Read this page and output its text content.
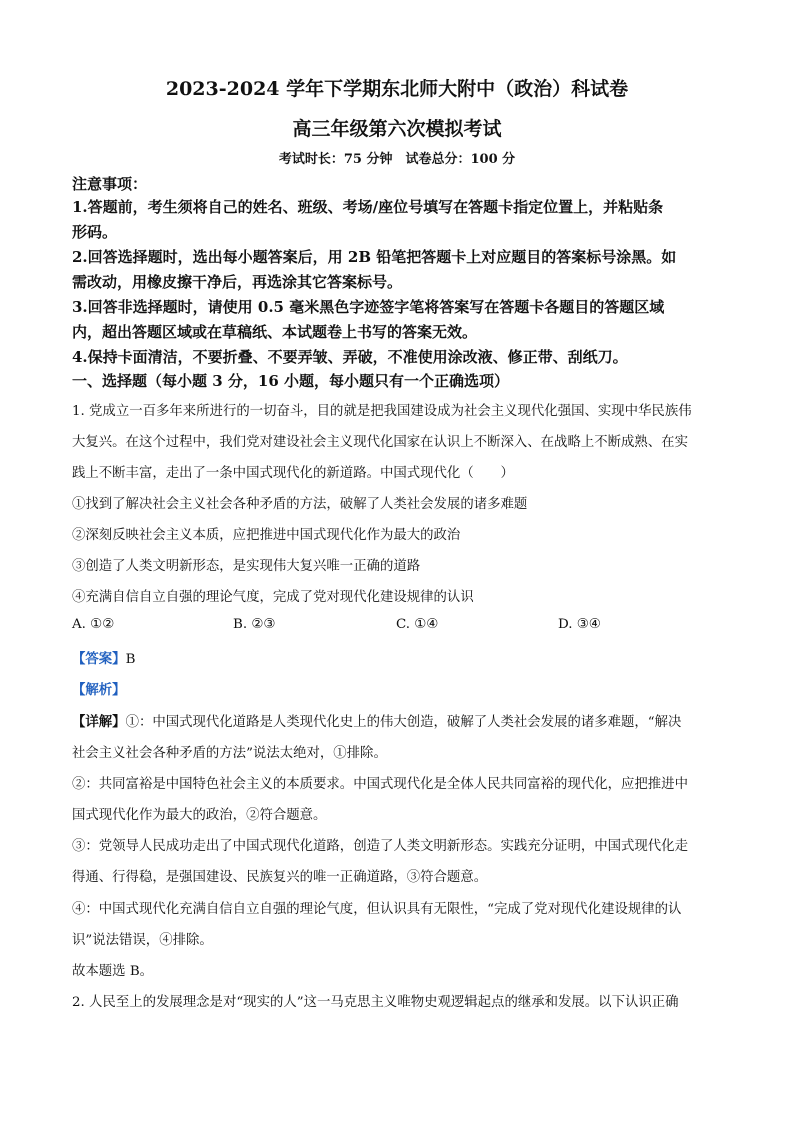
2023-2024 学年下学期东北师大附中（政治）科试卷
高三年级第六次模拟考试
考试时长：75 分钟　试卷总分：100 分
注意事项：
1.答题前，考生须将自己的姓名、班级、考场/座位号填写在答题卡指定位置上，并粘贴条
形码。
2.回答选择题时，选出每小题答案后，用 2B 铅笔把答题卡上对应题目的答案标号涂黑。如
需改动，用橡皮擦干净后，再选涂其它答案标号。
3.回答非选择题时，请使用 0.5 毫米黑色字迹签字笔将答案写在答题卡各题目的答题区域
内，超出答题区域或在草稿纸、本试题卷上书写的答案无效。
4.保持卡面清洁，不要折叠、不要弄皱、弄破，不准使用涂改液、修正带、刮纸刀。
一、选择题（每小题 3 分，16 小题，每小题只有一个正确选项）
1. 党成立一百多年来所进行的一切奋斗，目的就是把我国建设成为社会主义现代化强国、实现中华民族伟
大复兴。在这个过程中，我们党对建设社会主义现代化国家在认识上不断深入、在战略上不断成熟、在实
践上不断丰富，走出了一条中国式现代化的新道路。中国式现代化（　　）
①找到了解决社会主义社会各种矛盾的方法，破解了人类社会发展的诸多难题
②深刻反映社会主义本质，应把推进中国式现代化作为最大的政治
③创造了人类文明新形态，是实现伟大复兴唯一正确的道路
④充满自信自立自强的理论气度，完成了党对现代化建设规律的认识
A. ①②	B. ②③	C. ①④	D. ③④
【答案】B
【解析】
【详解】①：中国式现代化道路是人类现代化史上的伟大创造，破解了人类社会发展的诸多难题，“解决
社会主义社会各种矛盾的方法”说法太绝对，①排除。
②：共同富裕是中国特色社会主义的本质要求。中国式现代化是全体人民共同富裕的现代化，应把推进中
国式现代化作为最大的政治，②符合题意。
③：党领导人民成功走出了中国式现代化道路，创造了人类文明新形态。实践充分证明，中国式现代化走
得通、行得稳，是强国建设、民族复兴的唯一正确道路，③符合题意。
④：中国式现代化充满自信自立自强的理论气度，但认识具有无限性，“完成了党对现代化建设规律的认
识”说法错误，④排除。
故本题选 B。
2. 人民至上的发展理念是对“现实的人”这一马克思主义唯物史观逻辑起点的继承和发展。以下认识正确
